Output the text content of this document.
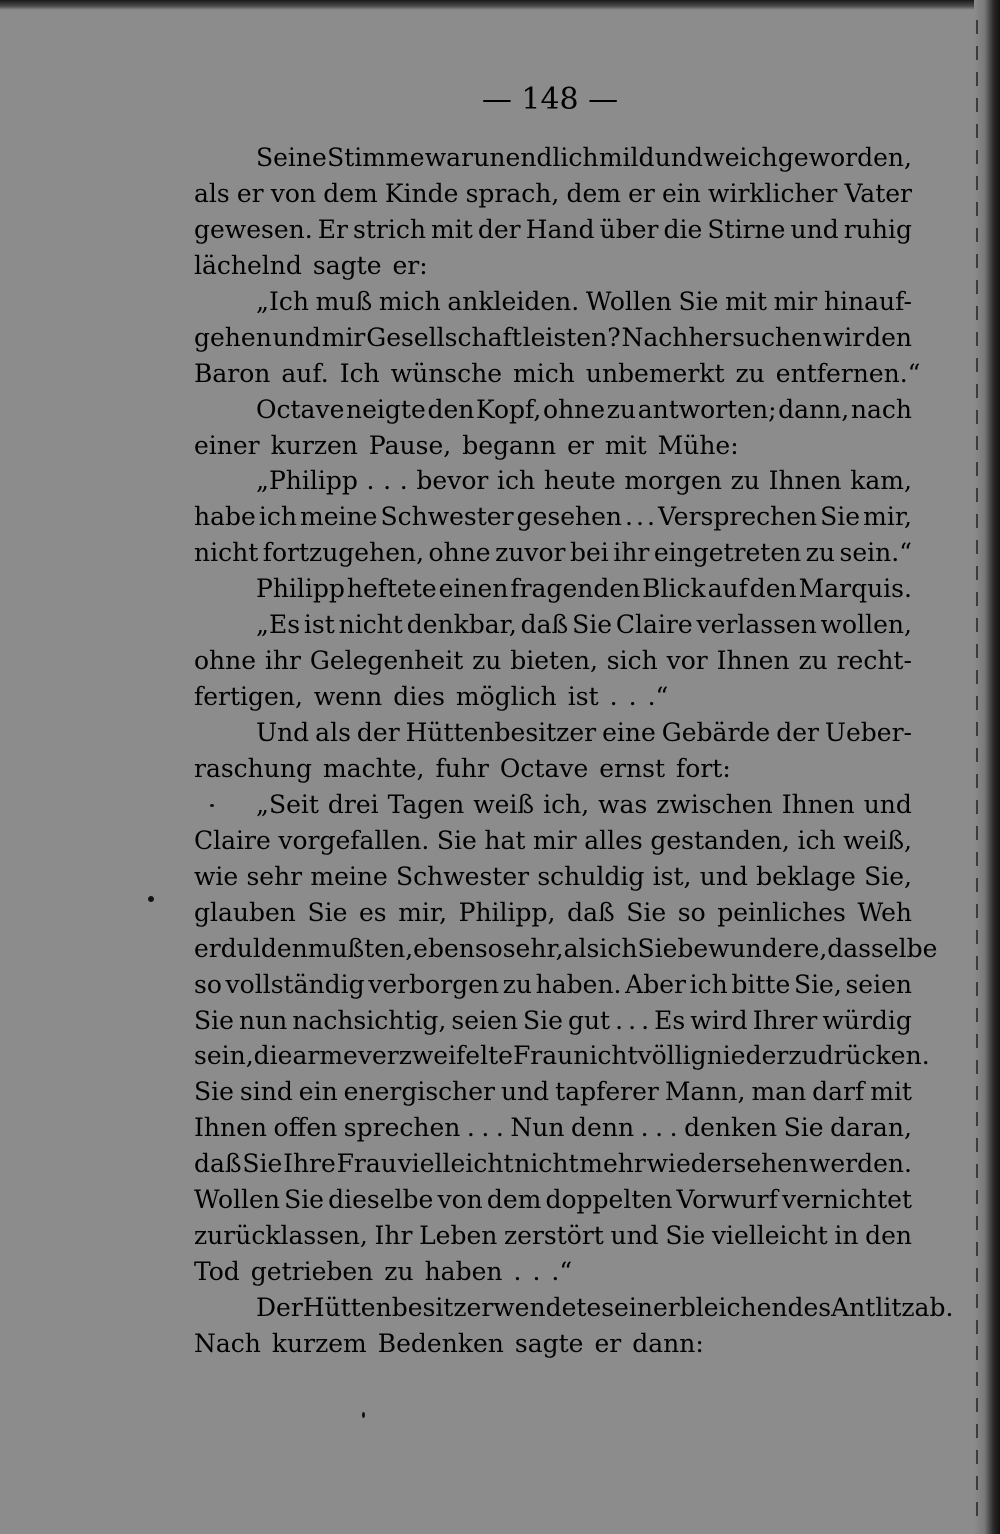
— 148 —
Seine Stimme war unendlich mild und weich geworden,
als er von dem Kinde sprach, dem er ein wirklicher Vater
gewesen. Er strich mit der Hand über die Stirne und ruhig
lächelnd sagte er:
„Ich muß mich ankleiden. Wollen Sie mit mir hinauf-
gehen und mir Gesellschaft leisten? Nachher suchen wir den
Baron auf. Ich wünsche mich unbemerkt zu entfernen.“
Octave neigte den Kopf, ohne zu antworten; dann, nach
einer kurzen Pause, begann er mit Mühe:
„Philipp . . . bevor ich heute morgen zu Ihnen kam,
habe ich meine Schwester gesehen . . . Versprechen Sie mir,
nicht fortzugehen, ohne zuvor bei ihr eingetreten zu sein.“
Philipp heftete einen fragenden Blick auf den Marquis.
„Es ist nicht denkbar, daß Sie Claire verlassen wollen,
ohne ihr Gelegenheit zu bieten, sich vor Ihnen zu recht-
fertigen, wenn dies möglich ist . . .“
Und als der Hüttenbesitzer eine Gebärde der Ueber-
raschung machte, fuhr Octave ernst fort:
„Seit drei Tagen weiß ich, was zwischen Ihnen und
Claire vorgefallen. Sie hat mir alles gestanden, ich weiß,
wie sehr meine Schwester schuldig ist, und beklage Sie,
glauben Sie es mir, Philipp, daß Sie so peinliches Weh
erdulden mußten, ebensosehr, als ich Sie bewundere, dasselbe
so vollständig verborgen zu haben. Aber ich bitte Sie, seien
Sie nun nachsichtig, seien Sie gut . . . Es wird Ihrer würdig
sein, die arme verzweifelte Frau nicht völlig niederzudrücken.
Sie sind ein energischer und tapferer Mann, man darf mit
Ihnen offen sprechen . . . Nun denn . . . denken Sie daran,
daß Sie Ihre Frau vielleicht nicht mehr wiedersehen werden.
Wollen Sie dieselbe von dem doppelten Vorwurf vernichtet
zurücklassen, Ihr Leben zerstört und Sie vielleicht in den
Tod getrieben zu haben . . .“
Der Hüttenbesitzer wendete sein erbleichendes Antlitz ab.
Nach kurzem Bedenken sagte er dann:
